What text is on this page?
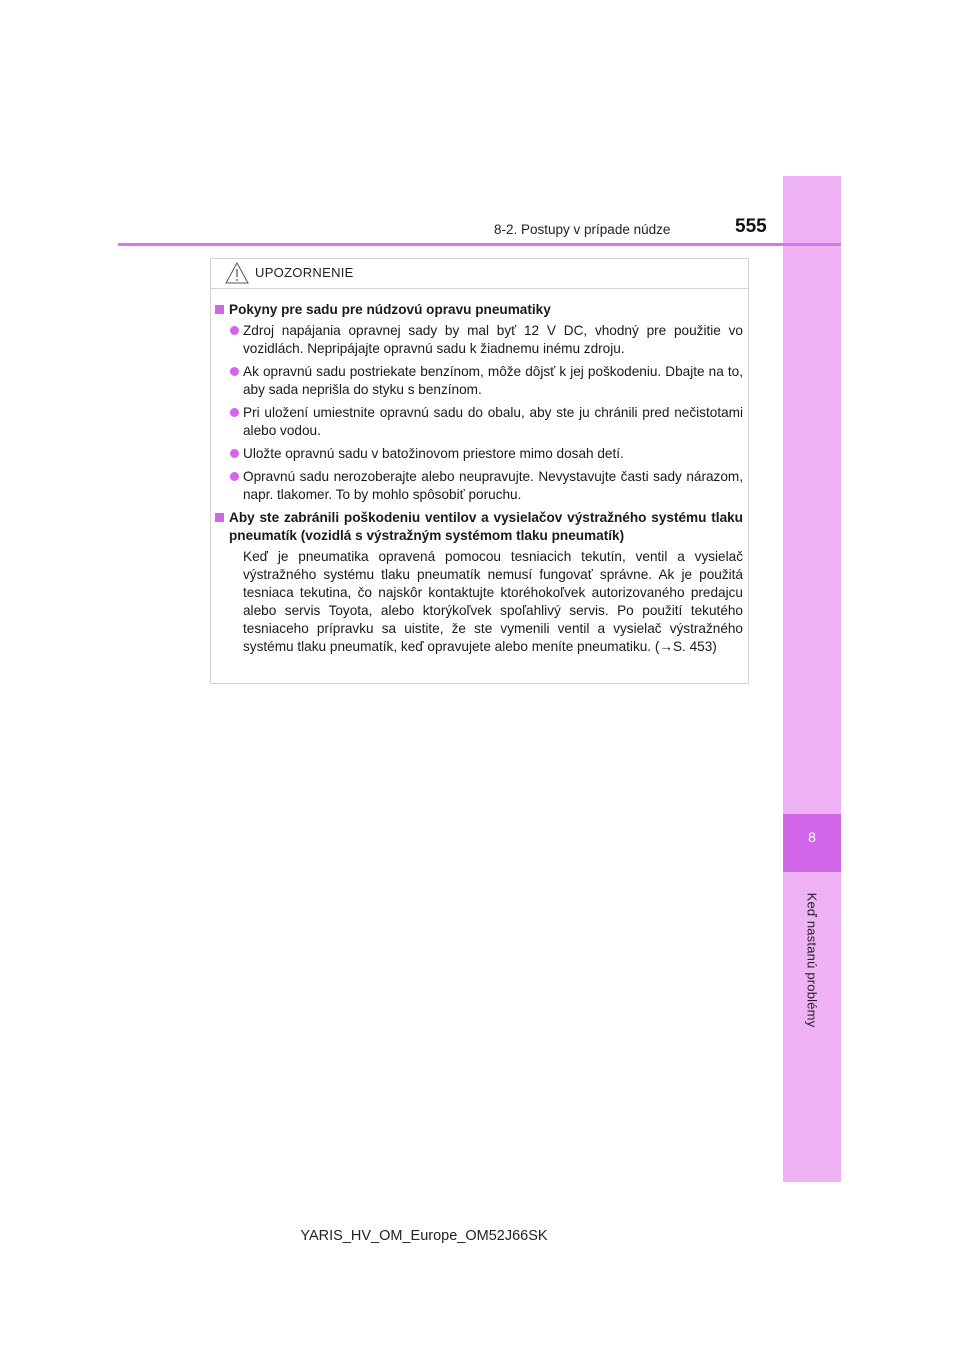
8
Keď nastanú problémy
8-2. Postupy v prípade núdze	555
UPOZORNENIE
Pokyny pre sadu pre núdzovú opravu pneumatiky
Zdroj napájania opravnej sady by mal byť 12 V DC, vhodný pre použitie vo vozidlách. Nepripájajte opravnú sadu k žiadnemu inému zdroju.
Ak opravnú sadu postriekate benzínom, môže dôjsť k jej poškodeniu. Dbajte na to, aby sada neprišla do styku s benzínom.
Pri uložení umiestnite opravnú sadu do obalu, aby ste ju chránili pred nečistotami alebo vodou.
Uložte opravnú sadu v batožinovom priestore mimo dosah detí.
Opravnú sadu nerozoberajte alebo neupravujte. Nevystavujte časti sady nárazom, napr. tlakomer. To by mohlo spôsobiť poruchu.
Aby ste zabránili poškodeniu ventilov a vysielačov výstražného systému tlaku pneumatík (vozidlá s výstražným systémom tlaku pneumatík)
Keď je pneumatika opravená pomocou tesniacich tekutín, ventil a vysielač výstražného systému tlaku pneumatík nemusí fungovať správne. Ak je použitá tesniaca tekutina, čo najskôr kontaktujte ktoréhokoľvek autorizovaného predajcu alebo servis Toyota, alebo ktorýkoľvek spoľahlivý servis. Po použití tekutého tesniaceho prípravku sa uistite, že ste vymenili ventil a vysielač výstražného systému tlaku pneumatík, keď opravujete alebo meníte pneumatiku. (→S. 453)
YARIS_HV_OM_Europe_OM52J66SK
